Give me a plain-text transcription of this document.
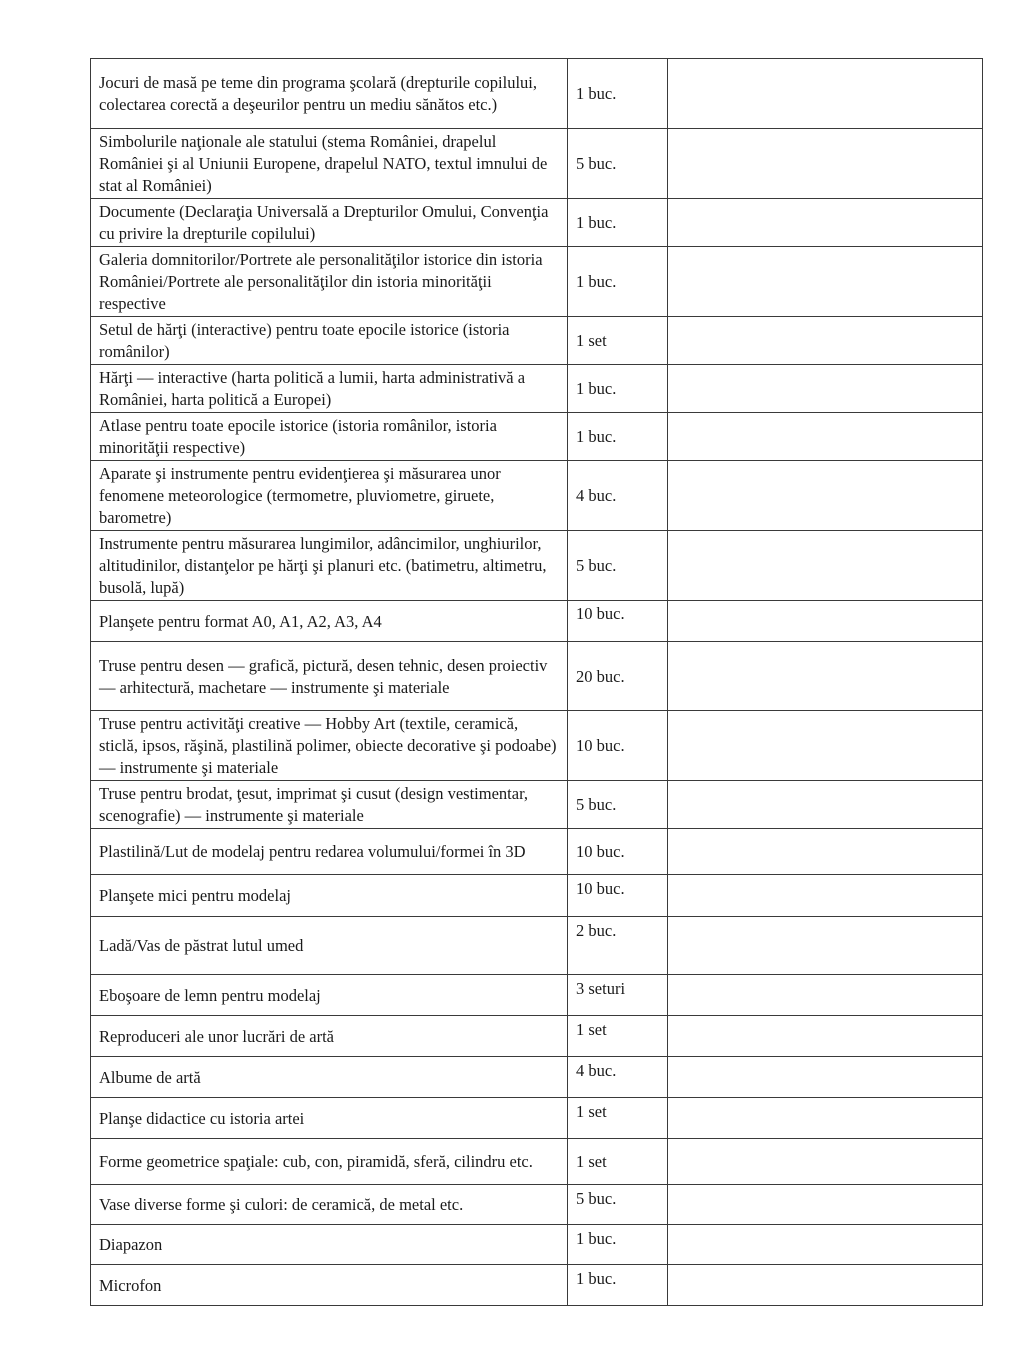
Jocuri de masă pe teme din programa şcolară (drepturile copilului, colectarea corectă a deşeurilor pentru un mediu sănătos etc.)	1 buc.	
Simbolurile naţionale ale statului (stema României, drapelul României şi al Uniunii Europene, drapelul NATO, textul imnului de stat al României)	5 buc.	
Documente (Declaraţia Universală a Drepturilor Omului, Convenţia cu privire la drepturile copilului)	1 buc.	
Galeria domnitorilor/Portrete ale personalităţilor istorice din istoria României/Portrete ale personalităţilor din istoria minorităţii respective	1 buc.	
Setul de hărţi (interactive) pentru toate epocile istorice (istoria românilor)	1 set	
Hărţi — interactive (harta politică a lumii, harta administrativă a României, harta politică a Europei)	1 buc.	
Atlase pentru toate epocile istorice (istoria românilor, istoria minorităţii respective)	1 buc.	
Aparate şi instrumente pentru evidenţierea şi măsurarea unor fenomene meteorologice (termometre, pluviometre, giruete, barometre)	4 buc.	
Instrumente pentru măsurarea lungimilor, adâncimilor, unghiurilor, altitudinilor, distanţelor pe hărţi şi planuri etc. (batimetru, altimetru, busolă, lupă)	5 buc.	
Planşete pentru format A0, A1, A2, A3, A4	10 buc.	
Truse pentru desen — grafică, pictură, desen tehnic, desen proiectiv — arhitectură, machetare — instrumente şi materiale	20 buc.	
Truse pentru activităţi creative — Hobby Art (textile, ceramică, sticlă, ipsos, răşină, plastilină polimer, obiecte decorative şi podoabe) — instrumente şi materiale	10 buc.	
Truse pentru brodat, ţesut, imprimat şi cusut (design vestimentar, scenografie) — instrumente şi materiale	5 buc.	
Plastilină/Lut de modelaj pentru redarea volumului/formei în 3D	10 buc.	
Planşete mici pentru modelaj	10 buc.	
Ladă/Vas de păstrat lutul umed	2 buc.	
Eboşoare de lemn pentru modelaj	3 seturi	
Reproduceri ale unor lucrări de artă	1 set	
Albume de artă	4 buc.	
Planşe didactice cu istoria artei	1 set	
Forme geometrice spaţiale: cub, con, piramidă, sferă, cilindru etc.	1 set	
Vase diverse forme şi culori: de ceramică, de metal etc.	5 buc.	
Diapazon	1 buc.	
Microfon	1 buc.	
